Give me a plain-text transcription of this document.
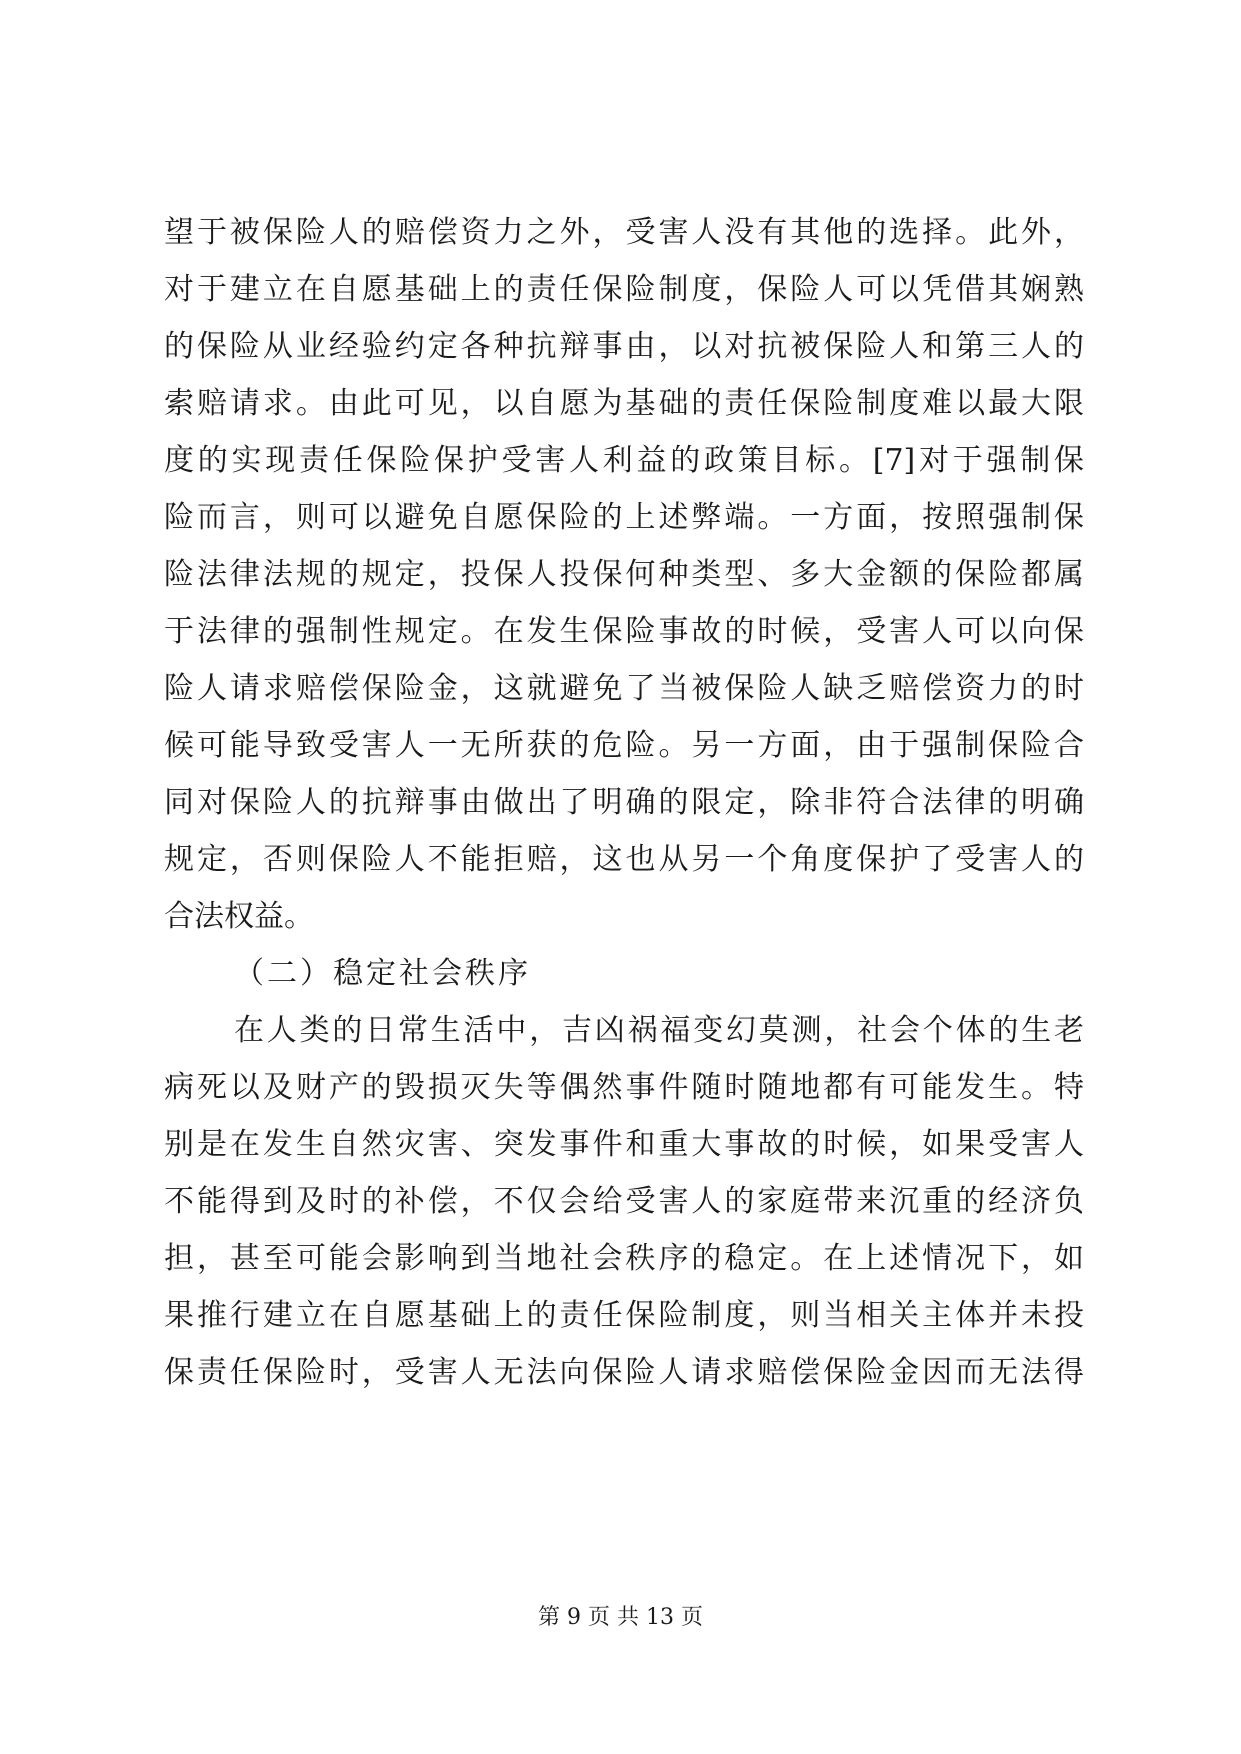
望于被保险人的赔偿资力之外，受害人没有其他的选择。此外，
对于建立在自愿基础上的责任保险制度，保险人可以凭借其娴熟
的保险从业经验约定各种抗辩事由，以对抗被保险人和第三人的
索赔请求。由此可见，以自愿为基础的责任保险制度难以最大限
度的实现责任保险保护受害人利益的政策目标。[7]对于强制保
险而言，则可以避免自愿保险的上述弊端。一方面，按照强制保
险法律法规的规定，投保人投保何种类型、多大金额的保险都属
于法律的强制性规定。在发生保险事故的时候，受害人可以向保
险人请求赔偿保险金，这就避免了当被保险人缺乏赔偿资力的时
候可能导致受害人一无所获的危险。另一方面，由于强制保险合
同对保险人的抗辩事由做出了明确的限定，除非符合法律的明确
规定，否则保险人不能拒赔，这也从另一个角度保护了受害人的
合法权益。
（二）稳定社会秩序
在人类的日常生活中，吉凶祸福变幻莫测，社会个体的生老
病死以及财产的毁损灭失等偶然事件随时随地都有可能发生。特
别是在发生自然灾害、突发事件和重大事故的时候，如果受害人
不能得到及时的补偿，不仅会给受害人的家庭带来沉重的经济负
担，甚至可能会影响到当地社会秩序的稳定。在上述情况下，如
果推行建立在自愿基础上的责任保险制度，则当相关主体并未投
保责任保险时，受害人无法向保险人请求赔偿保险金因而无法得
第 9 页 共 13 页
